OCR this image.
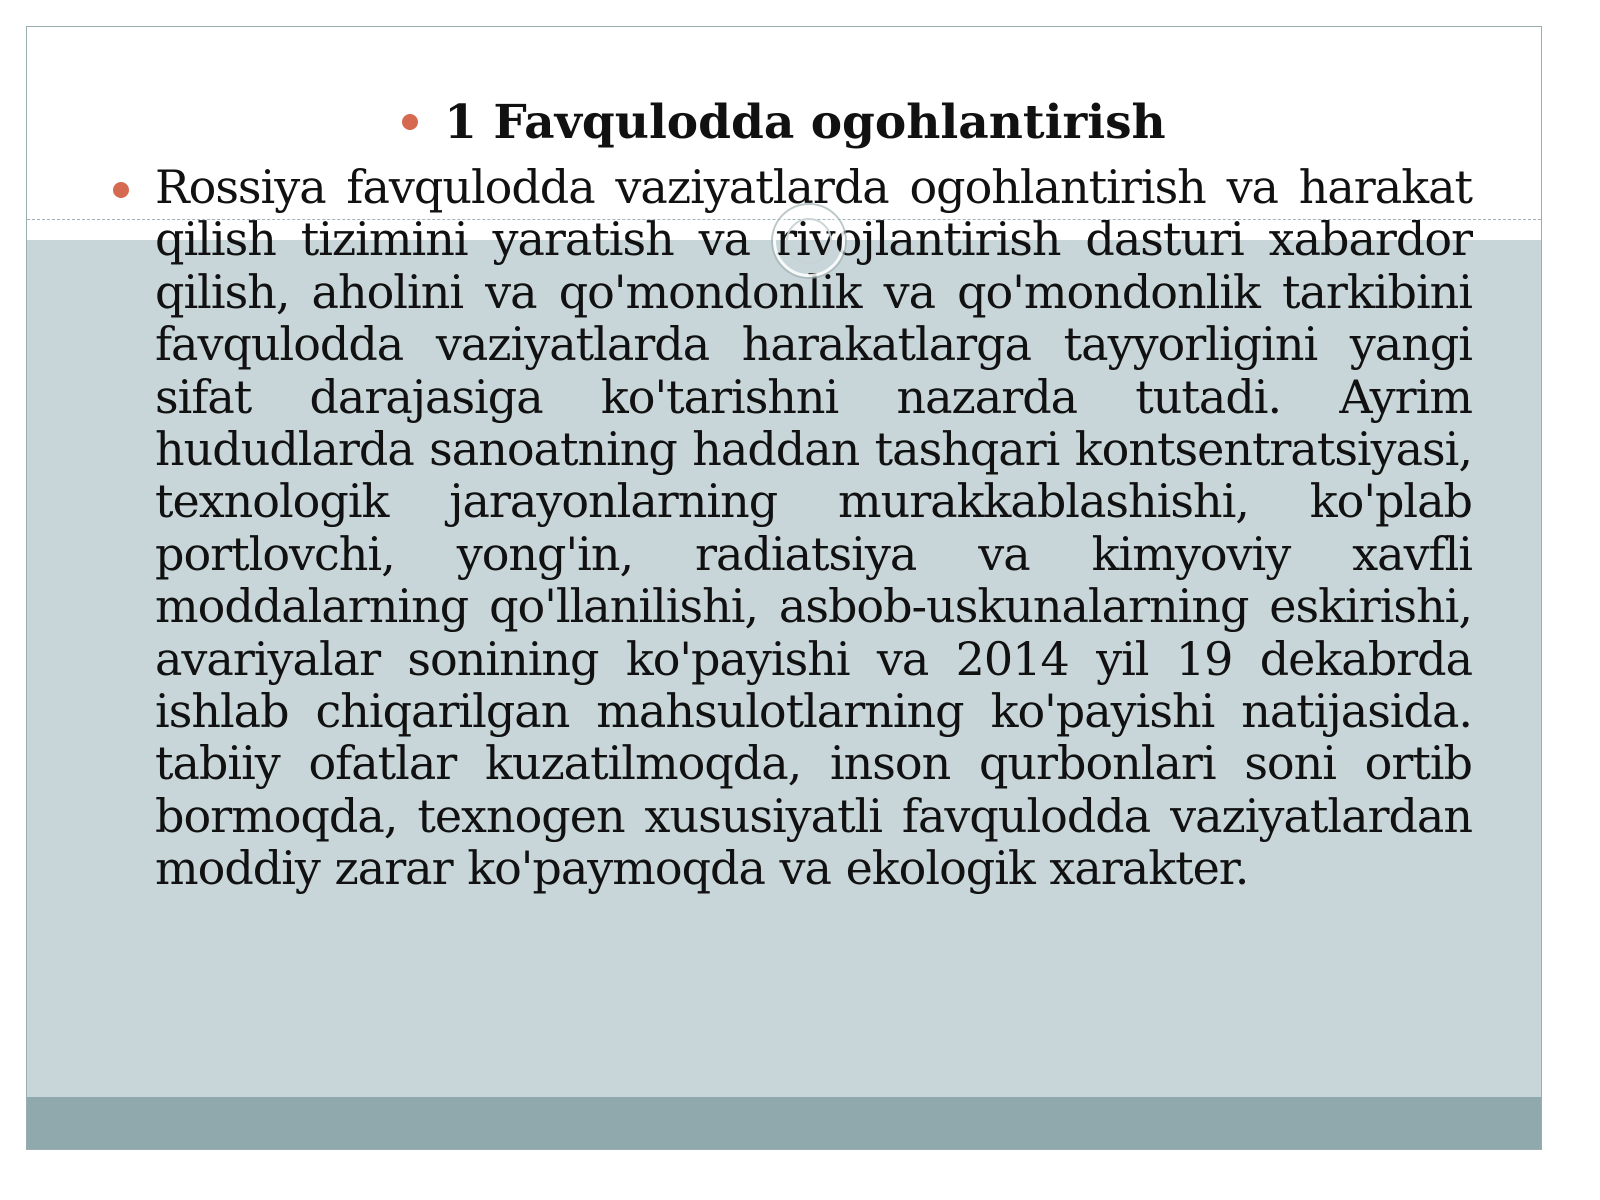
1 Favqulodda ogohlantirish

Rossiya favqulodda vaziyatlarda ogohlantirish va harakat qilish tizimini yaratish va rivojlantirish dasturi xabardor qilish, aholini va qo'mondonlik va qo'mondonlik tarkibini favqulodda vaziyatlarda harakatlarga tayyorligini yangi sifat darajasiga ko'tarishni nazarda tutadi. Ayrim hududlarda sanoatning haddan tashqari kontsentratsiyasi, texnologik jarayonlarning murakkablashishi, ko'plab portlovchi, yong'in, radiatsiya va kimyoviy xavfli moddalarning qo'llanilishi, asbob-uskunalarning eskirishi, avariyalar sonining ko'payishi va 2014 yil 19 dekabrda ishlab chiqarilgan mahsulotlarning ko'payishi natijasida. tabiiy ofatlar kuzatilmoqda, inson qurbonlari soni ortib bormoqda, texnogen xususiyatli favqulodda vaziyatlardan moddiy zarar ko'paymoqda va ekologik xarakter.
